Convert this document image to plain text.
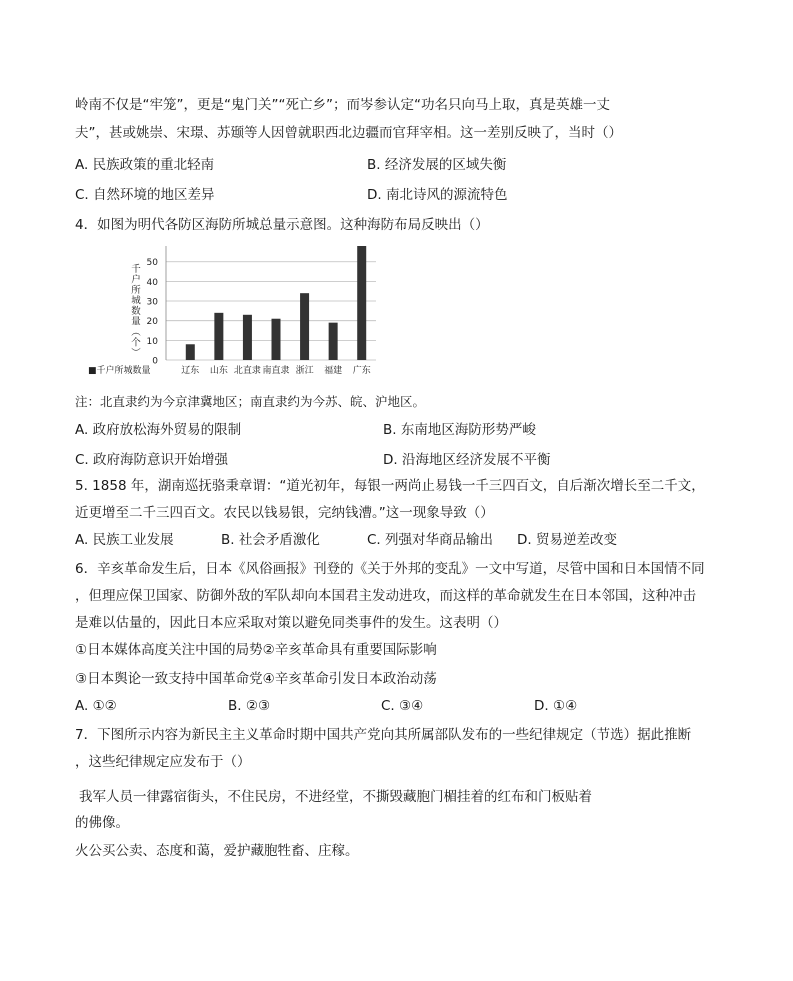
岭南不仅是“牢笼”，更是“鬼门关”“死亡乡”；而岑参认定“功名只向马上取，真是英雄一丈
夫”，甚或姚崇、宋璟、苏颋等人因曾就职西北边疆而官拜宰相。这一差别反映了，当时（）
A. 民族政策的重北轻南	B. 经济发展的区域失衡
C. 自然环境的地区差异	D. 南北诗风的源流特色
4．如图为明代各防区海防所城总量示意图。这种海防布局反映出（）
0
10
20
30
40
50
千
户
所
城
数
量
︵
个
︶
辽东 山东 北直隶 南直隶 浙江 福建 广东
■千户所城数量
注：北直隶约为今京津冀地区；南直隶约为今苏、皖、沪地区。
A. 政府放松海外贸易的限制	B. 东南地区海防形势严峻
C. 政府海防意识开始增强	D. 沿海地区经济发展不平衡
5. 1858 年，湖南巡抚骆秉章谓：“道光初年，每银一两尚止易钱一千三四百文，自后渐次增长至二千文，
近更增至二千三四百文。农民以钱易银，完纳钱漕。”这一现象导致（）
A. 民族工业发展	B. 社会矛盾激化	C. 列强对华商品输出 D. 贸易逆差改变
6．辛亥革命发生后，日本《风俗画报》刊登的《关于外邦的变乱》一文中写道，尽管中国和日本国情不同
，但理应保卫国家、防御外敌的军队却向本国君主发动进攻，而这样的革命就发生在日本邻国，这种冲击
是难以估量的，因此日本应采取对策以避免同类事件的发生。这表明（）
①日本媒体高度关注中国的局势②辛亥革命具有重要国际影响
③日本舆论一致支持中国革命党④辛亥革命引发日本政治动荡
A. ①②	B. ②③	C. ③④	D. ①④
7．下图所示内容为新民主主义革命时期中国共产党向其所属部队发布的一些纪律规定（节选）据此推断
，这些纪律规定应发布于（）
我军人员一律露宿街头，不住民房，不进经堂，不撕毁藏胞门楣挂着的红布和门板贴着
的佛像。
火公买公卖、态度和蔼，爱护藏胞牲畜、庄稼。
